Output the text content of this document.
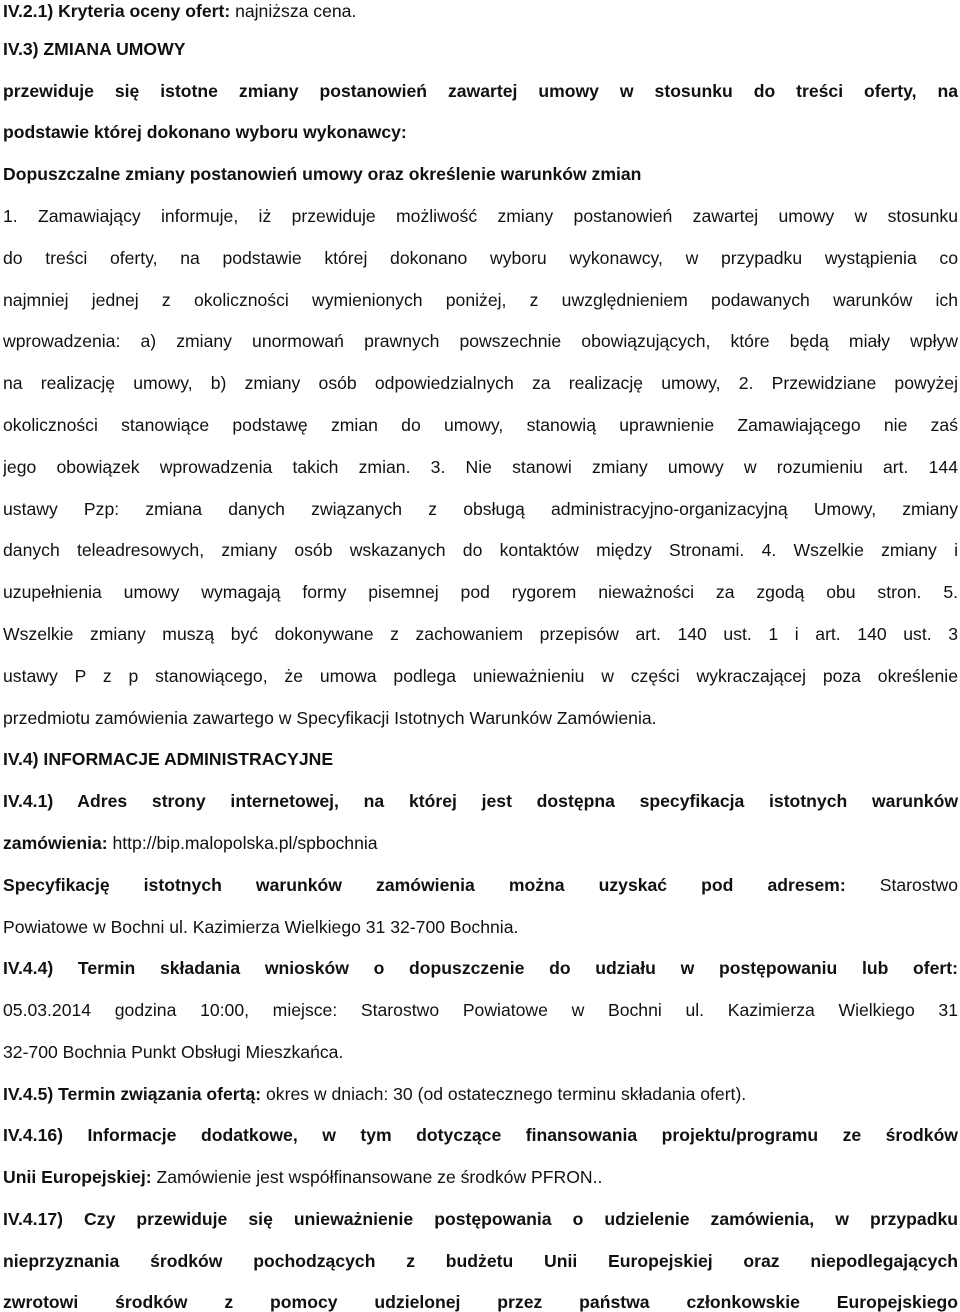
IV.2.1) Kryteria oceny ofert: najniższa cena.
IV.3) ZMIANA UMOWY
przewiduje się istotne zmiany postanowień zawartej umowy w stosunku do treści oferty, na
podstawie której dokonano wyboru wykonawcy:
Dopuszczalne zmiany postanowień umowy oraz określenie warunków zmian
1. Zamawiający informuje, iż przewiduje możliwość zmiany postanowień zawartej umowy w stosunku
do treści oferty, na podstawie której dokonano wyboru wykonawcy, w przypadku wystąpienia co
najmniej jednej z okoliczności wymienionych poniżej, z uwzględnieniem podawanych warunków ich
wprowadzenia: a) zmiany unormowań prawnych powszechnie obowiązujących, które będą miały wpływ
na realizację umowy, b) zmiany osób odpowiedzialnych za realizację umowy, 2. Przewidziane powyżej
okoliczności stanowiące podstawę zmian do umowy, stanowią uprawnienie Zamawiającego nie zaś
jego obowiązek wprowadzenia takich zmian. 3. Nie stanowi zmiany umowy w rozumieniu art. 144
ustawy Pzp: zmiana danych związanych z obsługą administracyjno-organizacyjną Umowy, zmiany
danych teleadresowych, zmiany osób wskazanych do kontaktów między Stronami. 4. Wszelkie zmiany i
uzupełnienia umowy wymagają formy pisemnej pod rygorem nieważności za zgodą obu stron. 5.
Wszelkie zmiany muszą być dokonywane z zachowaniem przepisów art. 140 ust. 1 i art. 140 ust. 3
ustawy P z p stanowiącego, że umowa podlega unieważnieniu w części wykraczającej poza określenie
przedmiotu zamówienia zawartego w Specyfikacji Istotnych Warunków Zamówienia.
IV.4) INFORMACJE ADMINISTRACYJNE
IV.4.1) Adres strony internetowej, na której jest dostępna specyfikacja istotnych warunków
zamówienia: http://bip.malopolska.pl/spbochnia
Specyfikację istotnych warunków zamówienia można uzyskać pod adresem: Starostwo
Powiatowe w Bochni ul. Kazimierza Wielkiego 31 32-700 Bochnia.
IV.4.4) Termin składania wniosków o dopuszczenie do udziału w postępowaniu lub ofert:
05.03.2014 godzina 10:00, miejsce: Starostwo Powiatowe w Bochni ul. Kazimierza Wielkiego 31
32-700 Bochnia Punkt Obsługi Mieszkańca.
IV.4.5) Termin związania ofertą: okres w dniach: 30 (od ostatecznego terminu składania ofert).
IV.4.16) Informacje dodatkowe, w tym dotyczące finansowania projektu/programu ze środków
Unii Europejskiej: Zamówienie jest współfinansowane ze środków PFRON..
IV.4.17) Czy przewiduje się unieważnienie postępowania o udzielenie zamówienia, w przypadku
nieprzyznania środków pochodzących z budżetu Unii Europejskiej oraz niepodlegających
zwrotowi środków z pomocy udzielonej przez państwa członkowskie Europejskiego
